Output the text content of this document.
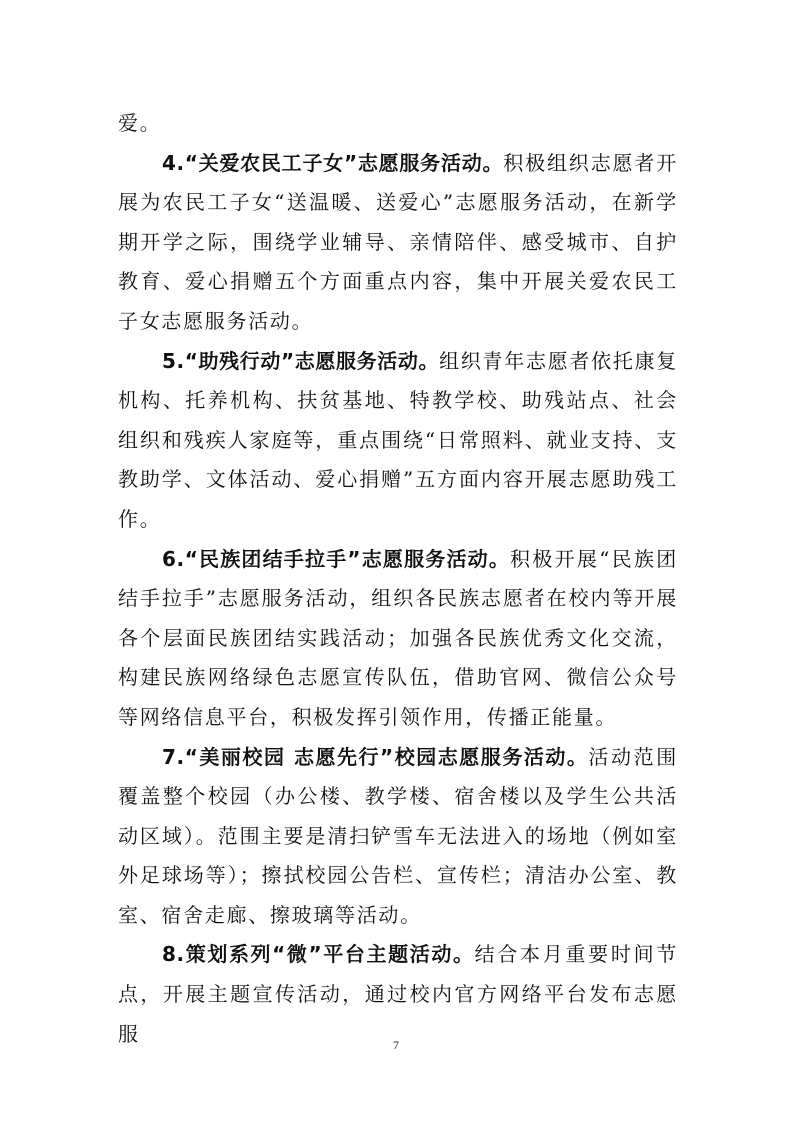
爱。

4.“关爱农民工子女”志愿服务活动。积极组织志愿者开展为农民工子女“送温暖、送爱心”志愿服务活动，在新学期开学之际，围绕学业辅导、亲情陪伴、感受城市、自护教育、爱心捐赠五个方面重点内容，集中开展关爱农民工子女志愿服务活动。

5.“助残行动”志愿服务活动。组织青年志愿者依托康复机构、托养机构、扶贫基地、特教学校、助残站点、社会组织和残疾人家庭等，重点围绕“日常照料、就业支持、支教助学、文体活动、爱心捐赠”五方面内容开展志愿助残工作。

6.“民族团结手拉手”志愿服务活动。积极开展“民族团结手拉手”志愿服务活动，组织各民族志愿者在校内等开展各个层面民族团结实践活动；加强各民族优秀文化交流，构建民族网络绿色志愿宣传队伍，借助官网、微信公众号等网络信息平台，积极发挥引领作用，传播正能量。

7.“美丽校园 志愿先行”校园志愿服务活动。活动范围覆盖整个校园（办公楼、教学楼、宿舍楼以及学生公共活动区域）。范围主要是清扫铲雪车无法进入的场地（例如室外足球场等）；擦拭校园公告栏、宣传栏；清洁办公室、教室、宿舍走廊、擦玻璃等活动。

8.策划系列“微”平台主题活动。结合本月重要时间节点，开展主题宣传活动，通过校内官方网络平台发布志愿服	7
